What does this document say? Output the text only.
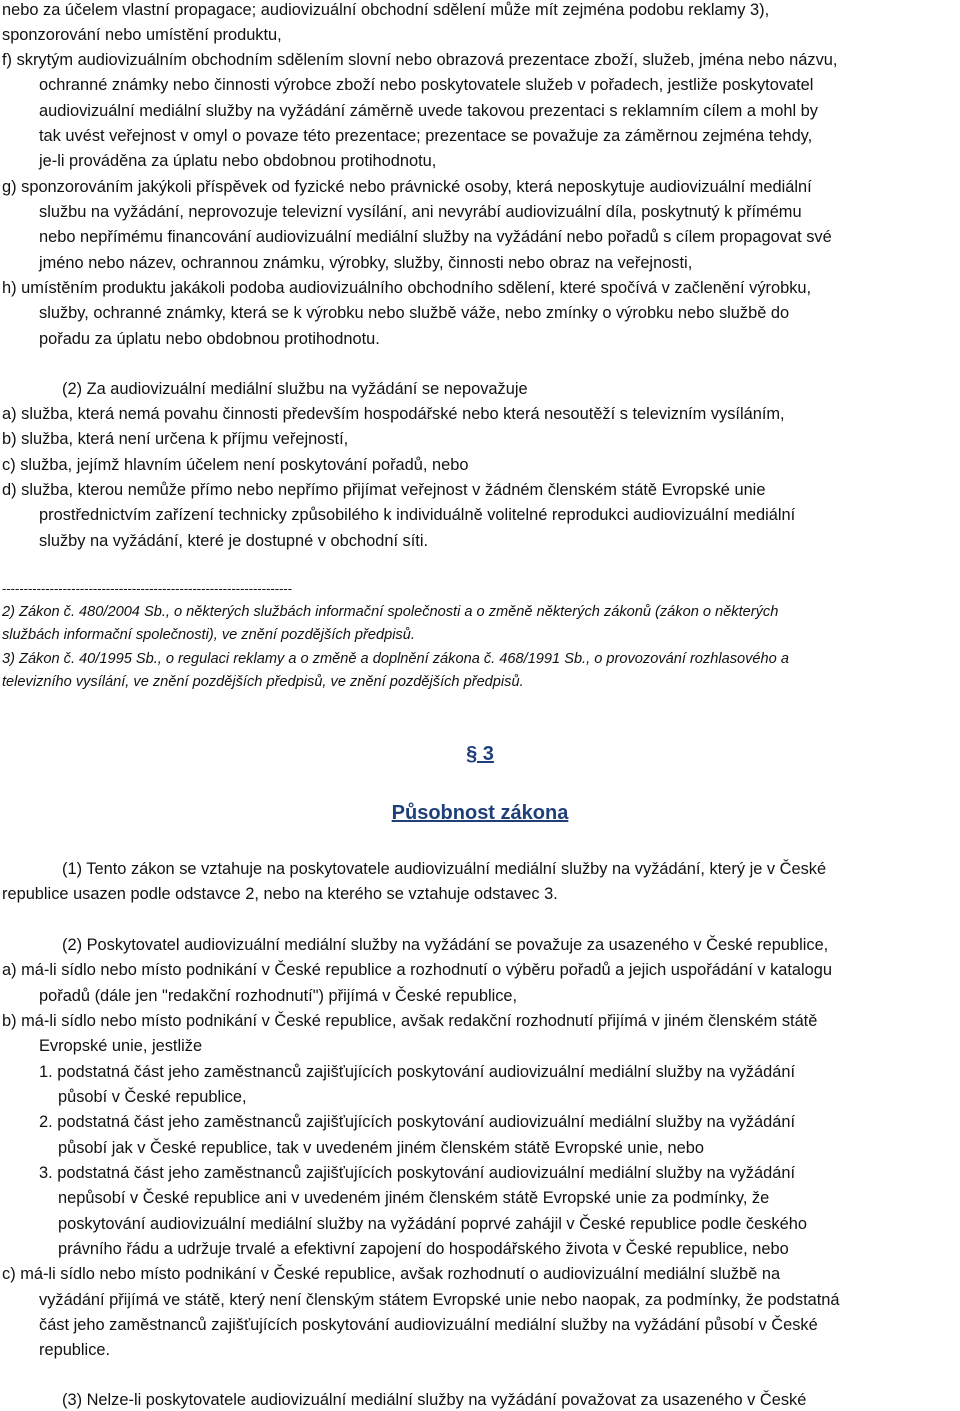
nebo za účelem vlastní propagace; audiovizuální obchodní sdělení může mít zejména podobu reklamy 3),
sponzorování nebo umístění produktu,
f) skrytým audiovizuálním obchodním sdělením slovní nebo obrazová prezentace zboží, služeb, jména nebo názvu,
ochranné známky nebo činnosti výrobce zboží nebo poskytovatele služeb v pořadech, jestliže poskytovatel
audiovizuální mediální služby na vyžádání záměrně uvede takovou prezentaci s reklamním cílem a mohl by
tak uvést veřejnost v omyl o povaze této prezentace; prezentace se považuje za záměrnou zejména tehdy,
je-li prováděna za úplatu nebo obdobnou protihodnotu,
g) sponzorováním jakýkoli příspěvek od fyzické nebo právnické osoby, která neposkytuje audiovizuální mediální
službu na vyžádání, neprovozuje televizní vysílání, ani nevyrábí audiovizuální díla, poskytnutý k přímému
nebo nepřímému financování audiovizuální mediální služby na vyžádání nebo pořadů s cílem propagovat své
jméno nebo název, ochrannou známku, výrobky, služby, činnosti nebo obraz na veřejnosti,
h) umístěním produktu jakákoli podoba audiovizuálního obchodního sdělení, které spočívá v začlenění výrobku,
služby, ochranné známky, která se k výrobku nebo službě váže, nebo zmínky o výrobku nebo službě do
pořadu za úplatu nebo obdobnou protihodnotu.
(2) Za audiovizuální mediální službu na vyžádání se nepovažuje
a) služba, která nemá povahu činnosti především hospodářské nebo která nesoutěží s televizním vysíláním,
b) služba, která není určena k příjmu veřejností,
c) služba, jejímž hlavním účelem není poskytování pořadů, nebo
d) služba, kterou nemůže přímo nebo nepřímo přijímat veřejnost v žádném členském státě Evropské unie
prostřednictvím zařízení technicky způsobilého k individuálně volitelné reprodukci audiovizuální mediální
služby na vyžádání, které je dostupné v obchodní síti.
-------------------------------------------------------------------
2) Zákon č. 480/2004 Sb., o některých službách informační společnosti a o změně některých zákonů (zákon o některých
službách informační společnosti), ve znění pozdějších předpisů.
3) Zákon č. 40/1995 Sb., o regulaci reklamy a o změně a doplnění zákona č. 468/1991 Sb., o provozování rozhlasového a
televizního vysílání, ve znění pozdějších předpisů, ve znění pozdějších předpisů.
§ 3
Působnost zákona
(1) Tento zákon se vztahuje na poskytovatele audiovizuální mediální služby na vyžádání, který je v České
republice usazen podle odstavce 2, nebo na kterého se vztahuje odstavec 3.
(2) Poskytovatel audiovizuální mediální služby na vyžádání se považuje za usazeného v České republice,
a) má-li sídlo nebo místo podnikání v České republice a rozhodnutí o výběru pořadů a jejich uspořádání v katalogu
pořadů (dále jen "redakční rozhodnutí") přijímá v České republice,
b) má-li sídlo nebo místo podnikání v České republice, avšak redakční rozhodnutí přijímá v jiném členském státě
Evropské unie, jestliže
1. podstatná část jeho zaměstnanců zajišťujících poskytování audiovizuální mediální služby na vyžádání
působí v České republice,
2. podstatná část jeho zaměstnanců zajišťujících poskytování audiovizuální mediální služby na vyžádání
působí jak v České republice, tak v uvedeném jiném členském státě Evropské unie, nebo
3. podstatná část jeho zaměstnanců zajišťujících poskytování audiovizuální mediální služby na vyžádání
nepůsobí v České republice ani v uvedeném jiném členském státě Evropské unie za podmínky, že
poskytování audiovizuální mediální služby na vyžádání poprvé zahájil v České republice podle českého
právního řádu a udržuje trvalé a efektivní zapojení do hospodářského života v České republice, nebo
c) má-li sídlo nebo místo podnikání v České republice, avšak rozhodnutí o audiovizuální mediální službě na
vyžádání přijímá ve státě, který není členským státem Evropské unie nebo naopak, za podmínky, že podstatná
část jeho zaměstnanců zajišťujících poskytování audiovizuální mediální služby na vyžádání působí v České
republice.
(3) Nelze-li poskytovatele audiovizuální mediální služby na vyžádání považovat za usazeného v České
